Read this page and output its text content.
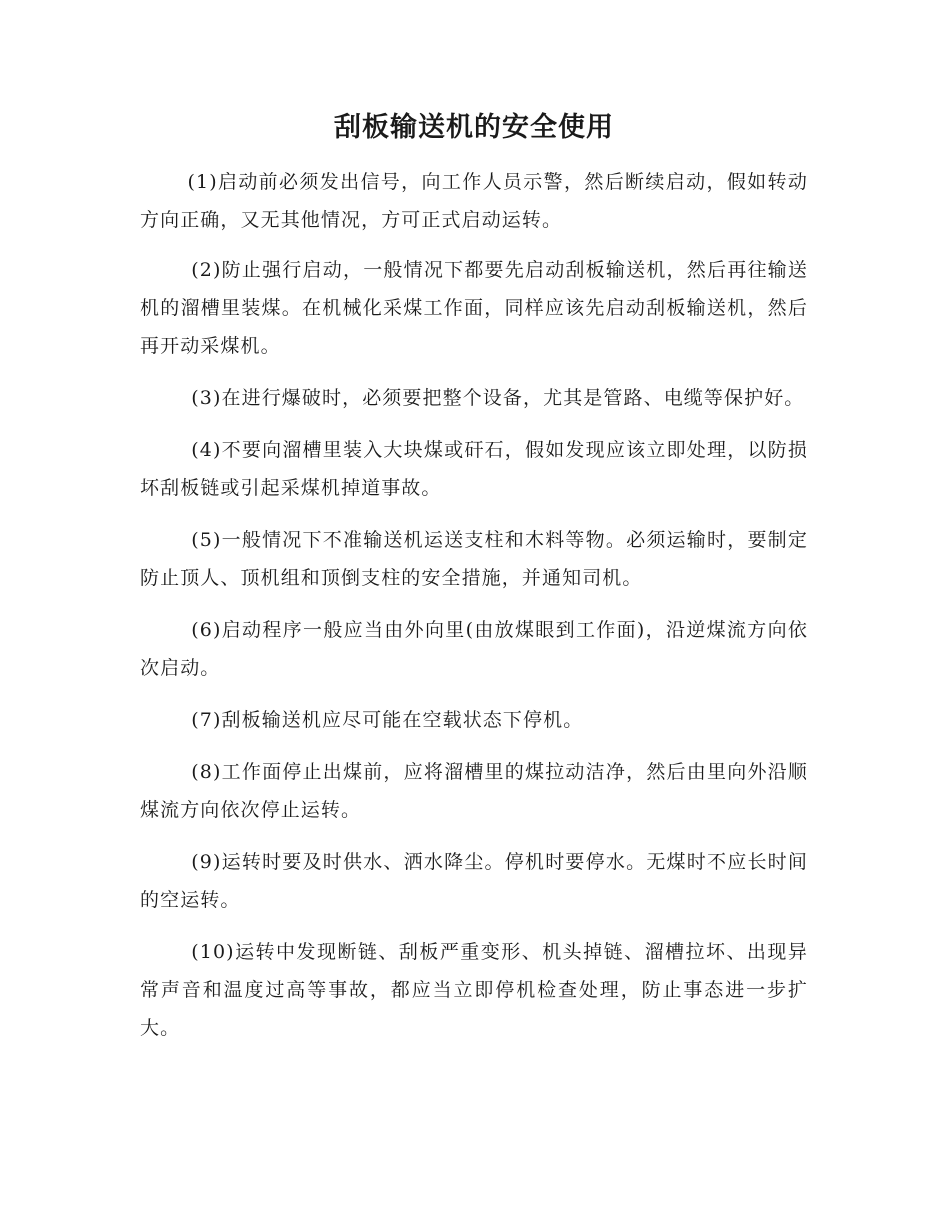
刮板输送机的安全使用

(1)启动前必须发出信号，向工作人员示警，然后断续启动，假如转动方向正确，又无其他情况，方可正式启动运转。

(2)防止强行启动，一般情况下都要先启动刮板输送机，然后再往输送机的溜槽里装煤。在机械化采煤工作面，同样应该先启动刮板输送机，然后再开动采煤机。

(3)在进行爆破时，必须要把整个设备，尤其是管路、电缆等保护好。

(4)不要向溜槽里装入大块煤或矸石，假如发现应该立即处理，以防损坏刮板链或引起采煤机掉道事故。

(5)一般情况下不准输送机运送支柱和木料等物。必须运输时，要制定防止顶人、顶机组和顶倒支柱的安全措施，并通知司机。

(6)启动程序一般应当由外向里(由放煤眼到工作面)，沿逆煤流方向依次启动。

(7)刮板输送机应尽可能在空载状态下停机。

(8)工作面停止出煤前，应将溜槽里的煤拉动洁净，然后由里向外沿顺煤流方向依次停止运转。

(9)运转时要及时供水、洒水降尘。停机时要停水。无煤时不应长时间的空运转。

(10)运转中发现断链、刮板严重变形、机头掉链、溜槽拉坏、出现异常声音和温度过高等事故，都应当立即停机检查处理，防止事态进一步扩大。
